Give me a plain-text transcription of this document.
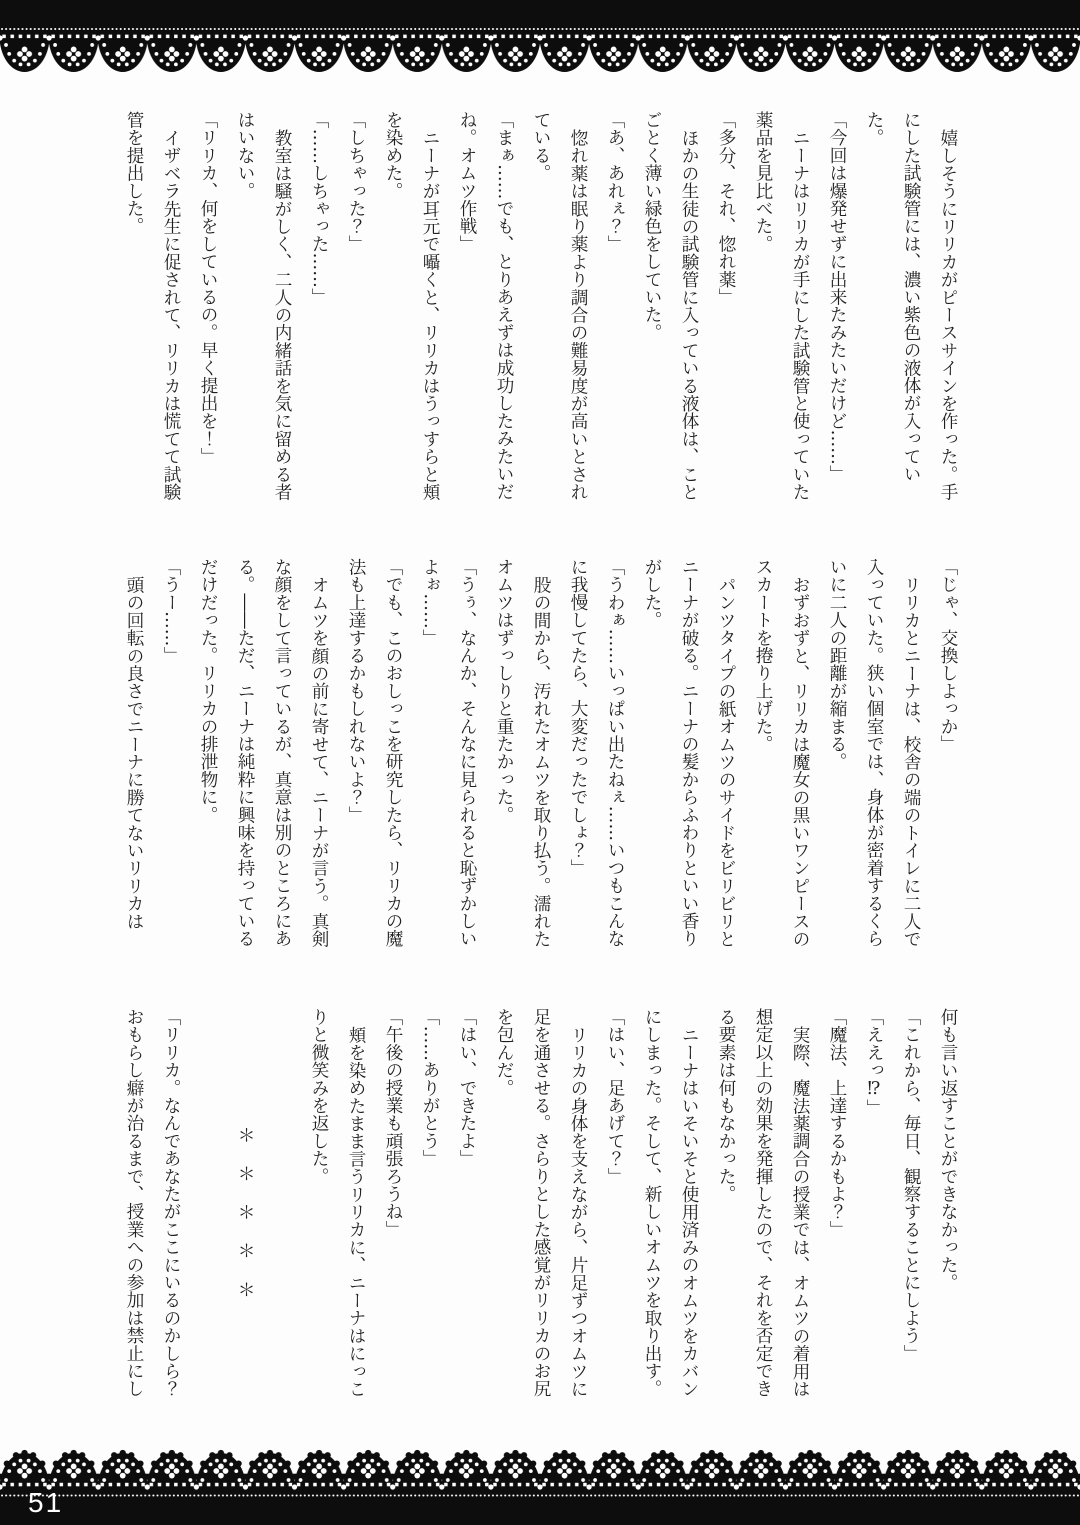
嬉しそうにリリカがピースサインを作った。手にした試験管には、濃い紫色の液体が入っていた。

「今回は爆発せずに出来たみたいだけど……」

ニーナはリリカが手にした試験管と使っていた薬品を見比べた。

「多分、それ、惚れ薬」

ほかの生徒の試験管に入っている液体は、ことごとく薄い緑色をしていた。

「あ、あれぇ？」

惚れ薬は眠り薬より調合の難易度が高いとされている。

「まぁ……でも、とりあえずは成功したみたいだね。オムツ作戦」

ニーナが耳元で囁くと、リリカはうっすらと頬を染めた。

「しちゃった？」

「……しちゃった……」

教室は騒がしく、二人の内緒話を気に留める者はいない。

「リリカ、何をしているの。早く提出を！」

イザベラ先生に促されて、リリカは慌てて試験管を提出した。

「じゃ、交換しよっか」

リリカとニーナは、校舎の端のトイレに二人で入っていた。狭い個室では、身体が密着するくらいに二人の距離が縮まる。

おずおずと、リリカは魔女の黒いワンピースのスカートを捲り上げた。

パンツタイプの紙オムツのサイドをビリビリとニーナが破る。ニーナの髪からふわりといい香りがした。

「うわぁ……いっぱい出たねぇ……いつもこんなに我慢してたら、大変だったでしょ？」

股の間から、汚れたオムツを取り払う。濡れたオムツはずっしりと重たかった。

「うぅ、なんか、そんなに見られると恥ずかしいよぉ……」

「でも、このおしっこを研究したら、リリカの魔法も上達するかもしれないよ？」

オムツを顔の前に寄せて、ニーナが言う。真剣な顔をして言っているが、真意は別のところにある。――ただ、ニーナは純粋に興味を持っているだけだった。リリカの排泄物に。

「うー……」

頭の回転の良さでニーナに勝てないリリカは

何も言い返すことができなかった。

「これから、毎日、観察することにしよう」

「ええっ⁉」

「魔法、上達するかもよ？」

実際、魔法薬調合の授業では、オムツの着用は想定以上の効果を発揮したので、それを否定できる要素は何もなかった。

ニーナはいそいそと使用済みのオムツをカバンにしまった。そして、新しいオムツを取り出す。

「はい、足あげて？」

リリカの身体を支えながら、片足ずつオムツに足を通させる。さらりとした感覚がリリカのお尻を包んだ。

「はい、できたよ」

「……ありがとう」

「午後の授業も頑張ろうね」

頬を染めたまま言うリリカに、ニーナはにっこりと微笑みを返した。

＊＊＊＊＊

「リリカ。なんであなたがここにいるのかしら？おもらし癖が治るまで、授業への参加は禁止にし

51
